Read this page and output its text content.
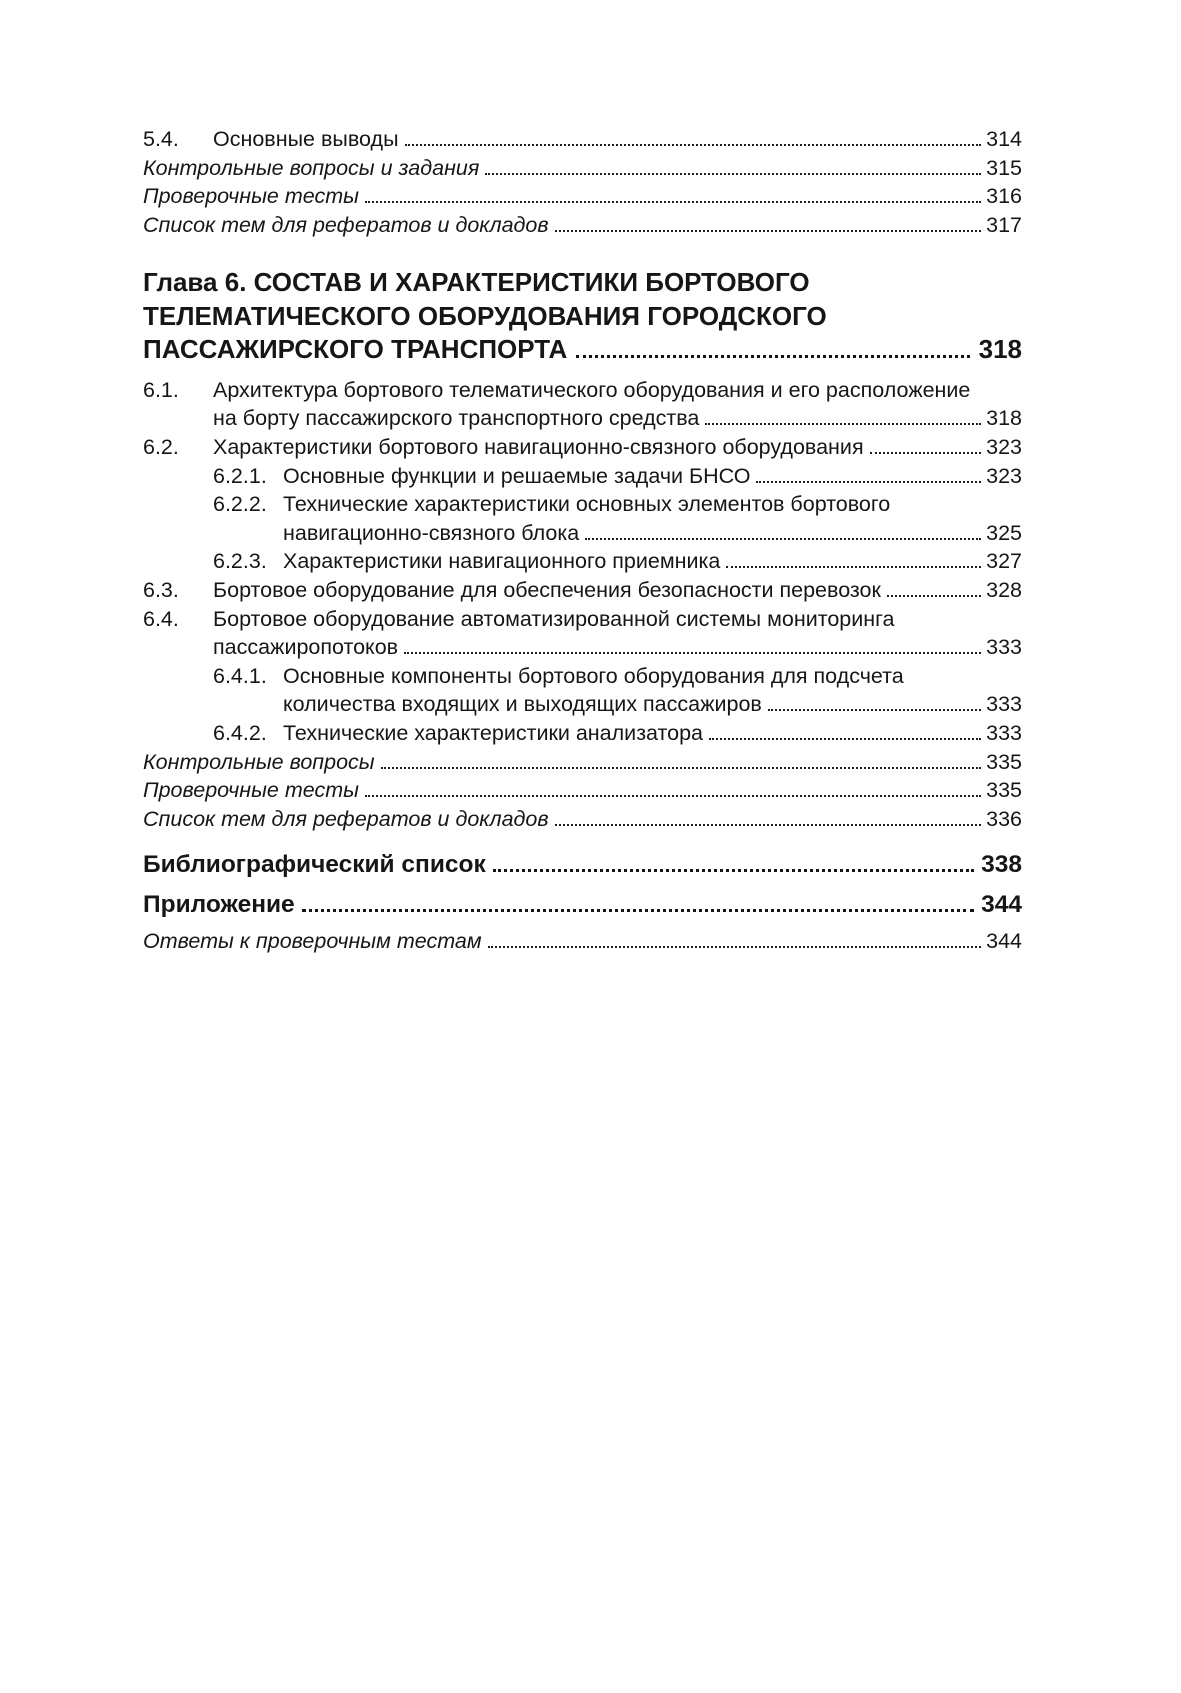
5.4.	Основные выводы	314
Контрольные вопросы и задания	315
Проверочные тесты	316
Список тем для рефератов и докладов	317
Глава 6. СОСТАВ И ХАРАКТЕРИСТИКИ БОРТОВОГО
ТЕЛЕМАТИЧЕСКОГО ОБОРУДОВАНИЯ ГОРОДСКОГО
ПАССАЖИРСКОГО ТРАНСПОРТА	318
6.1.	Архитектура бортового телематического оборудования и его расположение
на борту пассажирского транспортного средства	318
6.2.	Характеристики бортового навигационно-связного оборудования	323
6.2.1. Основные функции и решаемые задачи БНСО	323
6.2.2. Технические характеристики основных элементов бортового
навигационно-связного блока	325
6.2.3. Характеристики навигационного приемника	327
6.3.	Бортовое оборудование для обеспечения безопасности перевозок	328
6.4.	Бортовое оборудование автоматизированной системы мониторинга
пассажиропотоков	333
6.4.1. Основные компоненты бортового оборудования для подсчета
количества входящих и выходящих пассажиров	333
6.4.2. Технические характеристики анализатора	333
Контрольные вопросы	335
Проверочные тесты	335
Список тем для рефератов и докладов	336
Библиографический список	338
Приложение	344
Ответы к проверочным тестам	344
